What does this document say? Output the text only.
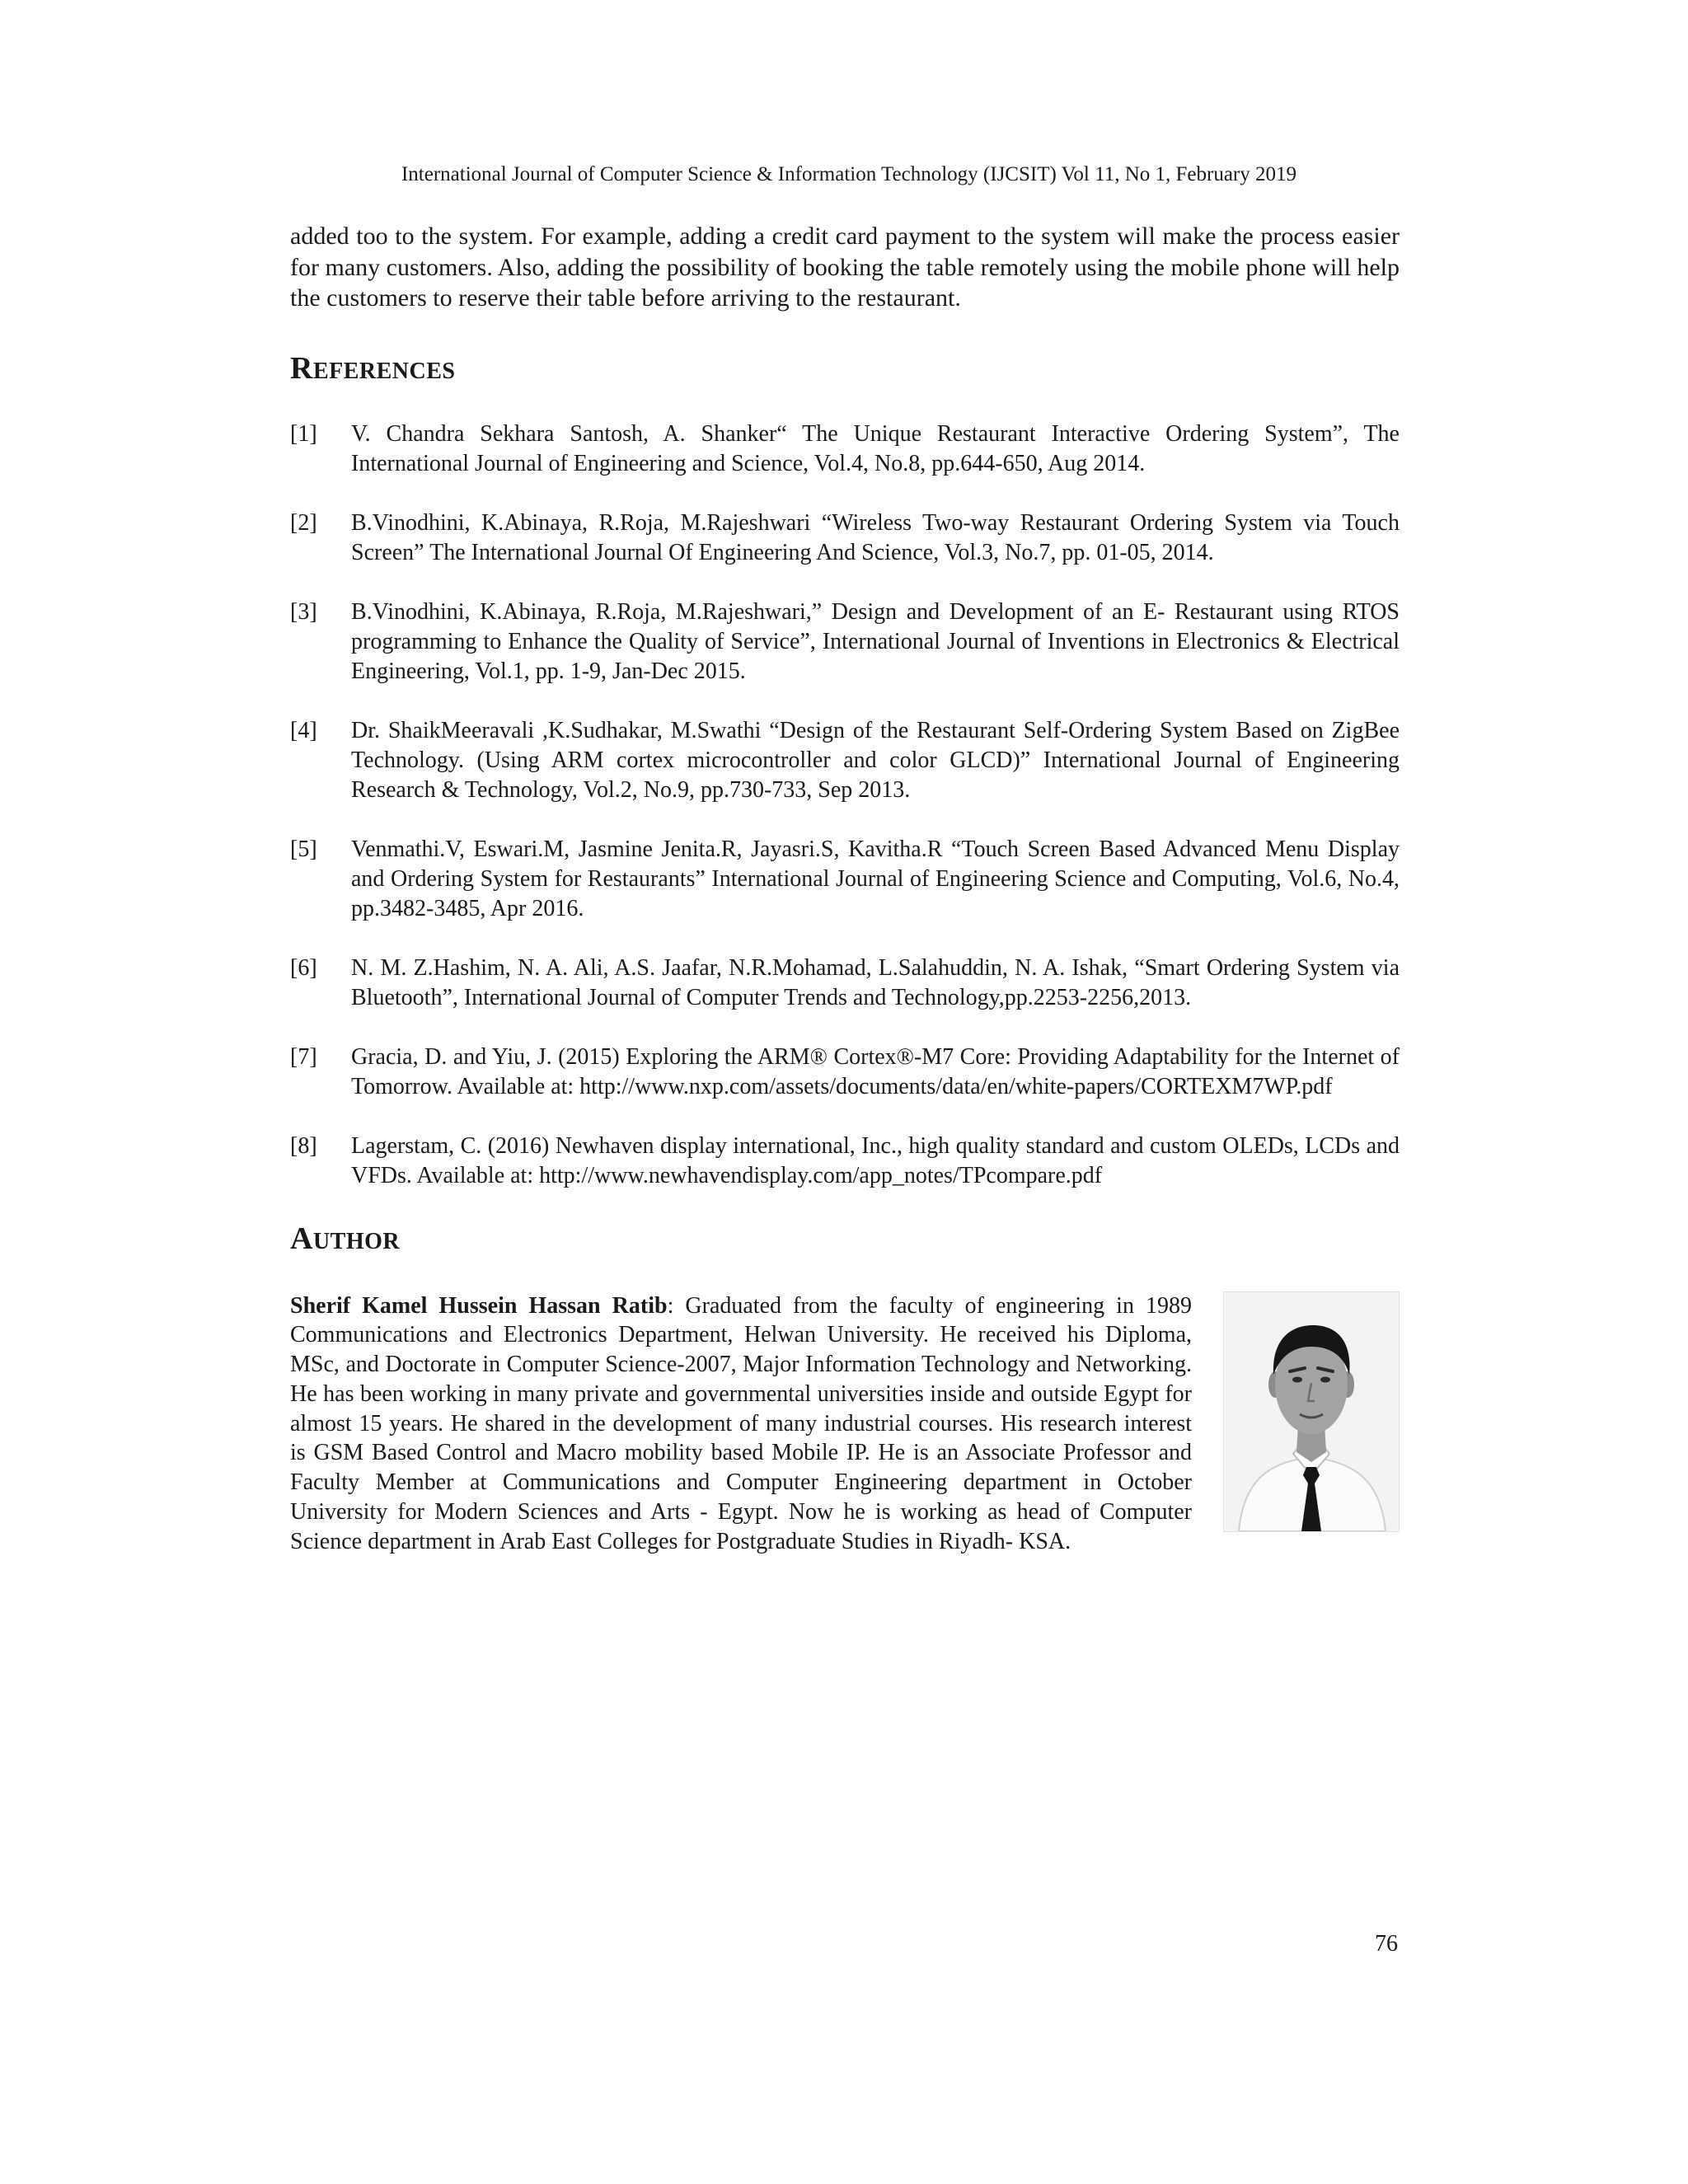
International Journal of Computer Science & Information Technology (IJCSIT) Vol 11, No 1, February 2019

added too to the system. For example, adding a credit card payment to the system will make the process easier for many customers. Also, adding the possibility of booking the table remotely using the mobile phone will help the customers to reserve their table before arriving to the restaurant.

REFERENCES
[1]	V. Chandra Sekhara Santosh, A. Shanker“ The Unique Restaurant Interactive Ordering System”, The International Journal of Engineering and Science, Vol.4, No.8, pp.644-650, Aug 2014.
[2]	B.Vinodhini, K.Abinaya, R.Roja, M.Rajeshwari “Wireless Two-way Restaurant Ordering System via Touch Screen” The International Journal Of Engineering And Science, Vol.3, No.7, pp. 01-05, 2014.
[3]	B.Vinodhini, K.Abinaya, R.Roja, M.Rajeshwari,” Design and Development of an E- Restaurant using RTOS programming to Enhance the Quality of Service”, International Journal of Inventions in Electronics & Electrical Engineering, Vol.1, pp. 1-9, Jan-Dec 2015.
[4]	Dr. ShaikMeeravali ,K.Sudhakar, M.Swathi “Design of the Restaurant Self-Ordering System Based on ZigBee Technology. (Using ARM cortex microcontroller and color GLCD)” International Journal of Engineering Research & Technology, Vol.2, No.9, pp.730-733, Sep 2013.
[5]	Venmathi.V, Eswari.M, Jasmine Jenita.R, Jayasri.S, Kavitha.R “Touch Screen Based Advanced Menu Display and Ordering System for Restaurants” International Journal of Engineering Science and Computing, Vol.6, No.4, pp.3482-3485, Apr 2016.
[6]	N. M. Z.Hashim, N. A. Ali, A.S. Jaafar, N.R.Mohamad, L.Salahuddin, N. A. Ishak, “Smart Ordering System via Bluetooth”, International Journal of Computer Trends and Technology,pp.2253-2256,2013.
[7]	Gracia, D. and Yiu, J. (2015) Exploring the ARM® Cortex®-M7 Core: Providing Adaptability for the Internet of Tomorrow. Available at: http://www.nxp.com/assets/documents/data/en/white-papers/CORTEXM7WP.pdf
[8]	Lagerstam, C. (2016) Newhaven display international, Inc., high quality standard and custom OLEDs, LCDs and VFDs. Available at: http://www.newhavendisplay.com/app_notes/TPcompare.pdf
AUTHOR

Sherif Kamel Hussein Hassan Ratib: Graduated from the faculty of engineering in 1989 Communications and Electronics Department, Helwan University. He received his Diploma, MSc, and Doctorate in Computer Science-2007, Major Information Technology and Networking. He has been working in many private and governmental universities inside and outside Egypt for almost 15 years. He shared in the development of many industrial courses. His research interest is GSM Based Control and Macro mobility based Mobile IP. He is an Associate Professor and Faculty Member at Communications and Computer Engineering department in October University for Modern Sciences and Arts - Egypt. Now he is working as head of Computer Science department in Arab East Colleges for Postgraduate Studies in Riyadh- KSA.

76
